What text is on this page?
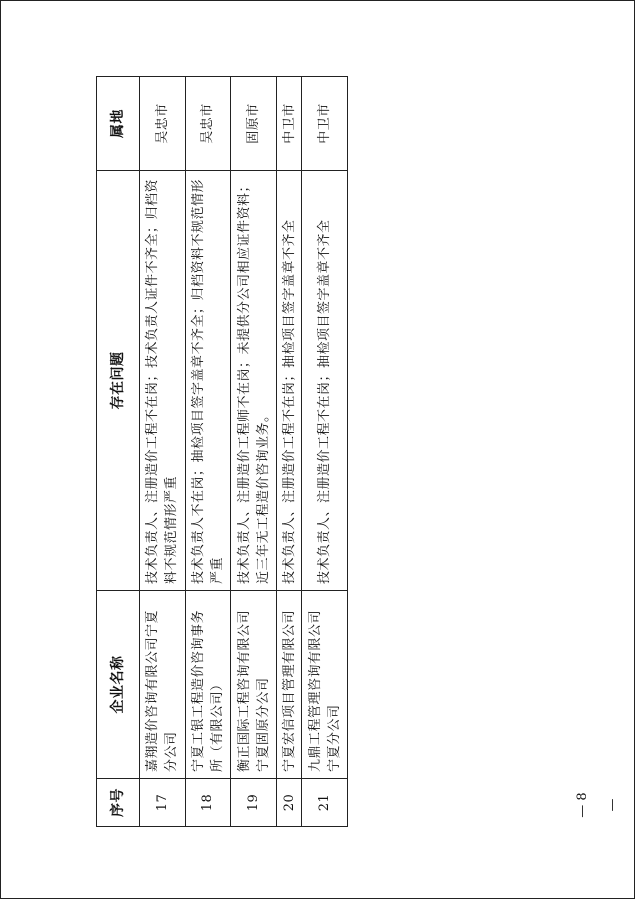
序号	企业名称	存在问题	属地
17	嘉翔造价咨询有限公司宁夏分公司	技术负责人、注册造价工程不在岗；技术负责人证件不齐全；归档资料不规范情形严重	吴忠市
18	宁夏工银工程造价咨询事务所（有限公司）	技术负责人不在岗；抽检项目签字盖章不齐全；归档资料不规范情形严重	吴忠市
19	衡正国际工程咨询有限公司宁夏固原分公司	技术负责人、注册造价工程师不在岗；未提供分公司相应证件资料；近三年无工程造价咨询业务。	固原市
20	宁夏宏信项目管理有限公司	技术负责人、注册造价工程不在岗；抽检项目签字盖章不齐全	中卫市
21	九鼎工程管理咨询有限公司宁夏分公司	技术负责人、注册造价工程不在岗；抽检项目签字盖章不齐全	中卫市
— 8 —
